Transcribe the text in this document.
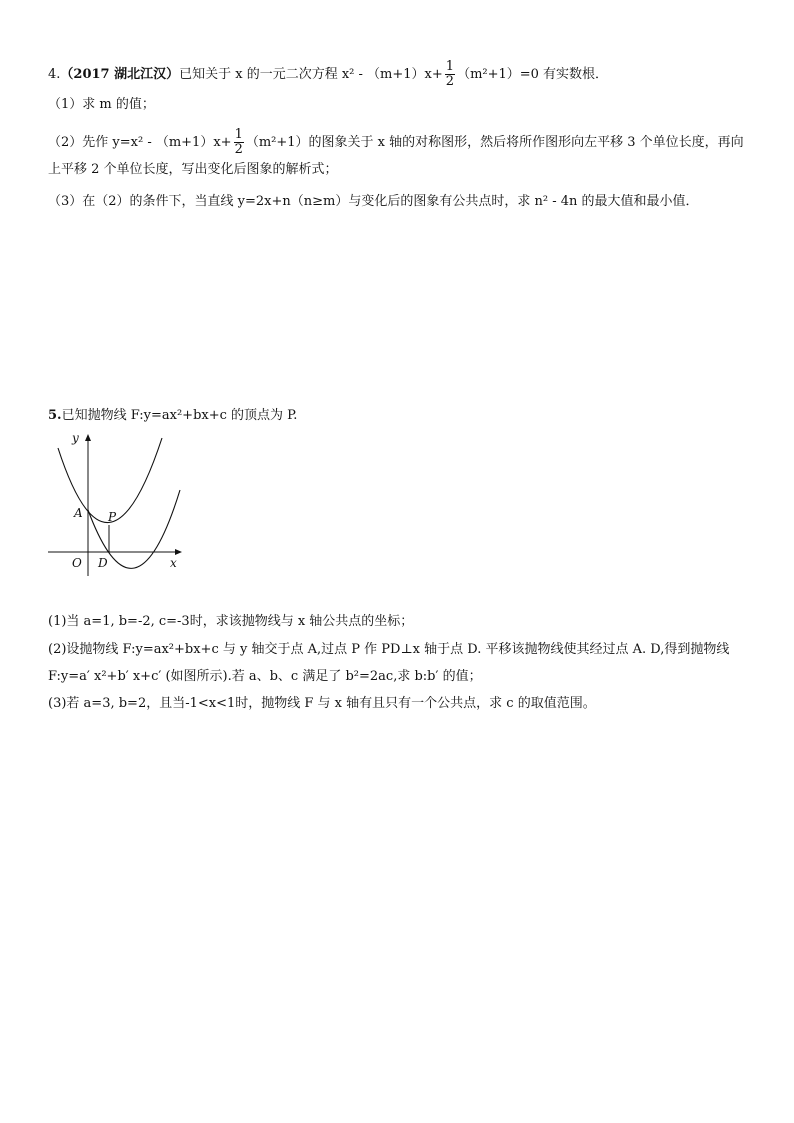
4.（2017 湖北江汉）已知关于 x 的一元二次方程 $x^2 - (m+1)x+ \frac{1}{2} (m^2+1)=0$ 有实数根．
（1）求 m 的值；
（2）先作 $y=x^2 - (m+1)x+ \frac{1}{2} (m^2+1)$的图象关于 x 轴的对称图形，然后将所作图形向左平移 3 个单位长度，再向
上平移 2 个单位长度，写出变化后图象的解析式；
（3）在（2）的条件下，当直线 y=2x+n（n≥m）与变化后的图象有公共点时，求 n² - 4n 的最大值和最小值．
5.已知抛物线 F:y=ax²+bx+c 的顶点为 P.
y
A P
O D	x
(1)当 a=1, b=-2, c=-3时，求该抛物线与 x 轴公共点的坐标；
(2)设抛物线 F:y=ax²+bx+c 与 y 轴交于点 A,过点 P 作 PD⊥x 轴于点 D. 平移该抛物线使其经过点 A. D,得到抛物线
F:y=a′ x²+b′ x+c′ (如图所示).若 a、b、c 满足了 b²=2ac,求 b:b′ 的值；
(3)若 a=3, b=2，且当-1<x<1时，抛物线 F 与 x 轴有且只有一个公共点，求 c 的取值范围。
